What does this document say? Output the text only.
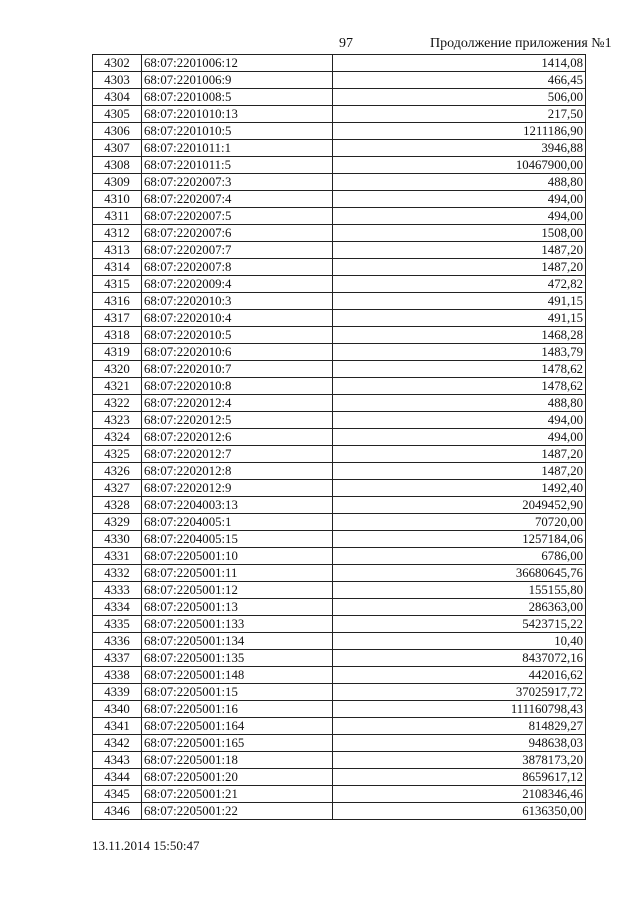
97	Продолжение приложения №1
4302	68:07:2201006:12	1414,08
4303	68:07:2201006:9	466,45
4304	68:07:2201008:5	506,00
4305	68:07:2201010:13	217,50
4306	68:07:2201010:5	1211186,90
4307	68:07:2201011:1	3946,88
4308	68:07:2201011:5	10467900,00
4309	68:07:2202007:3	488,80
4310	68:07:2202007:4	494,00
4311	68:07:2202007:5	494,00
4312	68:07:2202007:6	1508,00
4313	68:07:2202007:7	1487,20
4314	68:07:2202007:8	1487,20
4315	68:07:2202009:4	472,82
4316	68:07:2202010:3	491,15
4317	68:07:2202010:4	491,15
4318	68:07:2202010:5	1468,28
4319	68:07:2202010:6	1483,79
4320	68:07:2202010:7	1478,62
4321	68:07:2202010:8	1478,62
4322	68:07:2202012:4	488,80
4323	68:07:2202012:5	494,00
4324	68:07:2202012:6	494,00
4325	68:07:2202012:7	1487,20
4326	68:07:2202012:8	1487,20
4327	68:07:2202012:9	1492,40
4328	68:07:2204003:13	2049452,90
4329	68:07:2204005:1	70720,00
4330	68:07:2204005:15	1257184,06
4331	68:07:2205001:10	6786,00
4332	68:07:2205001:11	36680645,76
4333	68:07:2205001:12	155155,80
4334	68:07:2205001:13	286363,00
4335	68:07:2205001:133	5423715,22
4336	68:07:2205001:134	10,40
4337	68:07:2205001:135	8437072,16
4338	68:07:2205001:148	442016,62
4339	68:07:2205001:15	37025917,72
4340	68:07:2205001:16	111160798,43
4341	68:07:2205001:164	814829,27
4342	68:07:2205001:165	948638,03
4343	68:07:2205001:18	3878173,20
4344	68:07:2205001:20	8659617,12
4345	68:07:2205001:21	2108346,46
4346	68:07:2205001:22	6136350,00
13.11.2014 15:50:47
